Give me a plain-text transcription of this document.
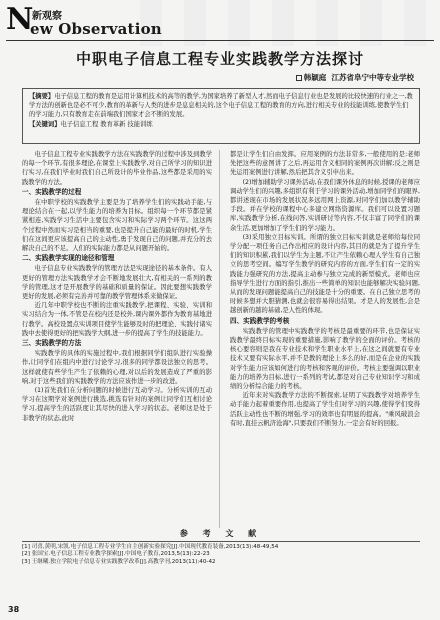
N
新观察
ew Observation
中职电子信息工程专业实践教学方法探讨
韩颖庭 江苏省阜宁中等专业学校
【摘要】电子信息工程的教育是运用计算机技术的高等的教学,为国家培养了新型人才,然而电子信息行业也是发展的比较快速的行业之一,教学方法的创新也是必不可少,教育的革新与人类的进步是息息相关的,这个电子信息工程的教育的方向,进行相关专业的技能训练,使教学生们的学习能力,只有教育走在前端我们国家才会不断的发展。
【关键词】电子信息工程 教育革新 技能训练

电子信息工程专业实践教学方法在实践教学的过程中涉及到教学的每一个环节,有很多理论,在课堂上实践教学,对自己所学习的知识进行实习,在我们毕业时我们自己所设计的毕业作品,这些都是采用的实践教学的方法。

一、实践教学的过程

在中职学校的实践教学主要是为了培养学生们的实践动手能,与理论结合在一起,以学生能力的培养为目标。组织每一个环节都是紧紧相连,实践学习生活中主要包含实习和实际学习两个环节。这这两个过程中然而实习是相当的重要,也是提升自己能的最好的时机,学生们在这间更应该提高自己的主动性,勇于发现自己的问题,并充分的去解决自己的不足。人们的实际能力都是从问题开始的。

二、实践教学实现的途径和管理

电子信息专业实践教学的管理方法是实现途径的基本条件。有人更好的管理方法实践教学才会不断地发展壮大,有相关的一系列的教学的管理,这才是开展教学的基础和质量的保证。因此要想实践教学更好的发展,必须有完善并可靠的教学管理体系来做保证。

近几年中职学校也不断的注重实践教学,把课程、实验、实训和实习结合为一体,不管是在校内还是校外,课内课外都作为教育基地进行教学。高校设置点实训项目使学生能够及时的把理论、实践付诸实践中去使得更好的把实践学大纲,进一步的提高了学生的技能能力。

三、实践教学的方法

实践教学的具体的实施过程中,我们根据同学们组队进行实验操作,让同学们在组内中进行讨论学习,很多的同学都设法独立的思考。这样就使有些学生产生了依赖的心理,对以后的发展造成了严重的影响,对于这些我们的实践教学的方法应该作进一步的改进。

(1)首先我们在分析问题的时候进行互动学习。分析实训的互动学习在这期学对案例进行挑选,挑选有针对的案例让同学们互相讨论学习,提高学生的活跃度让其尽快的进入学习的状态。老师这是处于非教学的状态,此时

都是让学生们自由发挥。应用案例的方法非常多,一般使用的是:老师先把这些的意图讲了之后,再运用含义相同的案例再次讲解;反之则是先运用案例进行讲解,然后把其含义引申出来。

(2)增加辅助学习课外活动,在我们课外休息的时候,授课的老师应调动学生们的兴趣,多组织有利于学习的课外活动,增加同学们的眼界,都讲述现在市场的发展状况多远用网上资源,对同学们加以教学辅助手段。并在学校的课程中心多建立网络资源库。我们可以设置习题库,实践教学分析,在线问答,实训研讨等内容,不仅丰富了同学们的课余生活,更加增加了学生们的学习能力。

(3)采用独立目标实训。所谓的独立目标实训就是老师给每位同学分配一项任务自己作出相应的设计内容,其目的就是为了提升学生们的知识积累,我们以学生为主题,不让产生依赖心理人学生有自己独立的思考空间。编写学生教学的研究内容的方面,学生们有一定的实践能力强研究的方法,提高主动参与独立完成的新型模式。老师也应指导学生进行方面的指引,推出一些简单的知识也能够解决实验问题,从而的发现问题能提高自己的技能是十分的重要。在自己独立思考的时候多想并大胆猜测,也就会很容易得出结果。才是人的发展性,会是越创新的越的基础,是人性的体现。

四、实践教学的考核

实践教学的管理中实践教学的考核是最重要的环节,也是保证实践教学最终目标实现的重要措施,影响了教学的全面的评价。考核的核心要容则是我在专业技术和学生职业水平上,在这之间就要有专业技术又要有实际水平,并不是教的理论上多么的好,而是在企业的实践对学生能力应该如何进行的考核和客观的评价。考核主要强调以职业能力的培养为目标,进行一系列的考试,都是对自己专业知识学习和成绩的分析综合能力的考核。

近年来对实践教学方法的不断探索,证明了实践教学对培养学生动手能力起着重要作用,也提高了学生们对学习的兴趣,使得学们变得活跃主动性也不断的增强,学习的效率也有明显的提高。"乘风破浪会有时,直挂云帆济沧海",只要我们不断努力,一定会有好的回报。

参 考 文 献
[1] 司喜,黄明,宋凯.电子信息工程专业学生自主创新实验探究[J].中国现代教育装备,2013(13):48-49,54
[2] 张国宝.电子信息工程专业教学探索[J].中国电子教育,2013,5(13):22-23
[3] 王继曦.独立学院电子信息专业实践教学改革[J].高教学刊,2013(11):40-42
38
